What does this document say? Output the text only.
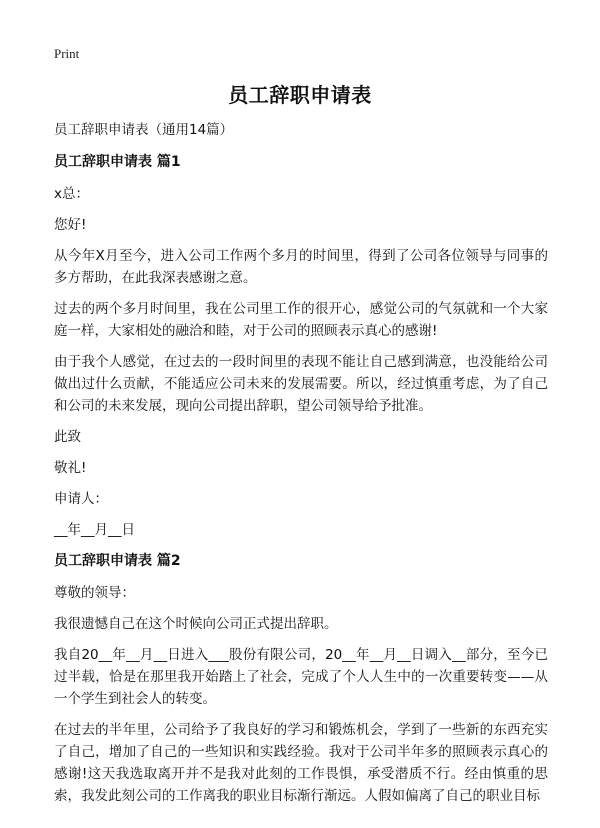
Print
员工辞职申请表
员工辞职申请表（通用14篇）
员工辞职申请表 篇1
x总：
您好!
从今年X月至今，进入公司工作两个多月的时间里，得到了公司各位领导与同事的多方帮助，在此我深表感谢之意。
过去的两个多月时间里，我在公司里工作的很开心，感觉公司的气氛就和一个大家庭一样，大家相处的融洽和睦，对于公司的照顾表示真心的感谢!
由于我个人感觉，在过去的一段时间里的表现不能让自己感到满意，也没能给公司做出过什么贡献，不能适应公司未来的发展需要。所以，经过慎重考虑，为了自己和公司的未来发展，现向公司提出辞职，望公司领导给予批准。
此致
敬礼!
申请人：
__年__月__日
员工辞职申请表 篇2
尊敬的领导：
我很遗憾自己在这个时候向公司正式提出辞职。
我自20__年__月__日进入___股份有限公司，20__年__月__日调入__部分，至今已过半载，恰是在那里我开始踏上了社会，完成了个人人生中的一次重要转变——从一个学生到社会人的转变。
在过去的半年里，公司给予了我良好的学习和锻炼机会，学到了一些新的东西充实了自己，增加了自己的一些知识和实践经验。我对于公司半年多的照顾表示真心的感谢!这天我选取离开并不是我对此刻的工作畏惧，承受潜质不行。经由慎重的思索，我发此刻公司的工作离我的职业目标渐行渐远。人假如偏离了自己的职业目标
